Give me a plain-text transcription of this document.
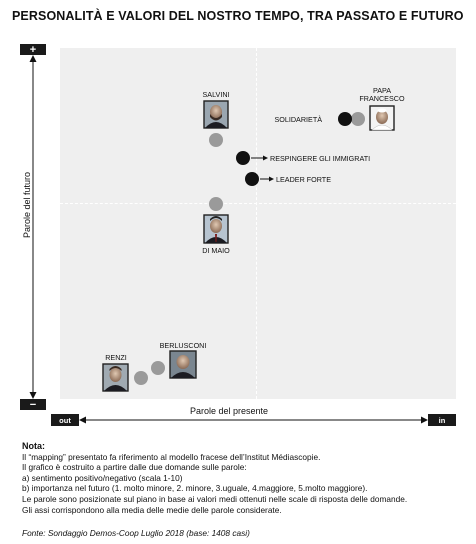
PERSONALITÀ E VALORI DEL NOSTRO TEMPO, TRA PASSATO E FUTURO
+
−
Parole del futuro
out	in
Parole del presente
PAPA
FRANCESCO
SOLIDARIETÀ
SALVINI
RESPINGERE GLI IMMIGRATI
LEADER FORTE
DI MAIO
BERLUSCONI
RENZI
Nota:
Il “mapping” presentato fa riferimento al modello fracese dell’Institut Médiascopie.
Il grafico è costruito a partire dalle due domande sulle parole:
a) sentimento positivo/negativo (scala 1-10)
b) importanza nel futuro (1. molto minore, 2. minore, 3.uguale, 4.maggiore, 5.molto maggiore).
Le parole sono posizionate sul piano in base ai valori medi ottenuti nelle scale di risposta delle domande.
Gli assi corrispondono alla media delle medie delle parole considerate.
Fonte: Sondaggio Demos-Coop Luglio 2018 (base: 1408 casi)
